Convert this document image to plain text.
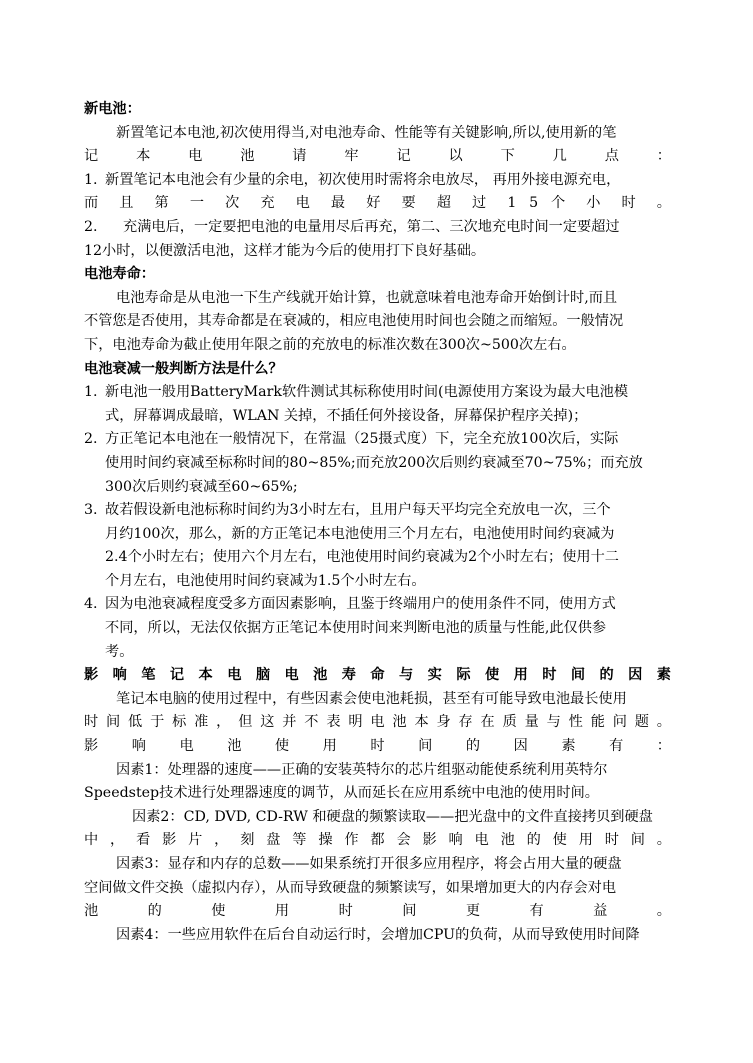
新电池：
新置笔记本电池,初次使用得当,对电池寿命、性能等有关键影响,所以,使用新的笔
记 本 电 池 请 牢 记 以 下 几 点 ：
1. 新置笔记本电池会有少量的余电，初次使用时需将余电放尽， 再用外接电源充电，
而 且 第 一 次 充 电 最 好 要 超 过 1 5 个 小 时 。
2. 充满电后，一定要把电池的电量用尽后再充，第二、三次地充电时间一定要超过
12小时，以便激活电池，这样才能为今后的使用打下良好基础。
电池寿命：
电池寿命是从电池一下生产线就开始计算，也就意味着电池寿命开始倒计时,而且
不管您是否使用，其寿命都是在衰减的，相应电池使用时间也会随之而缩短。一般情况
下，电池寿命为截止使用年限之前的充放电的标准次数在300次~500次左右。
电池衰减一般判断方法是什么？
1. 新电池一般用BatteryMark软件测试其标称使用时间(电源使用方案设为最大电池模
式，屏幕调成最暗，WLAN 关掉，不插任何外接设备，屏幕保护程序关掉)；
2. 方正笔记本电池在一般情况下，在常温（25摄式度）下，完全充放100次后，实际
使用时间约衰减至标称时间的80~85%;而充放200次后则约衰减至70~75%；而充放
300次后则约衰减至60~65%;
3. 故若假设新电池标称时间约为3小时左右，且用户每天平均完全充放电一次，三个
月约100次，那么，新的方正笔记本电池使用三个月左右，电池使用时间约衰减为
2.4个小时左右；使用六个月左右，电池使用时间约衰减为2个小时左右；使用十二
个月左右，电池使用时间约衰减为1.5个小时左右。
4. 因为电池衰减程度受多方面因素影响，且鉴于终端用户的使用条件不同，使用方式
不同，所以，无法仅依据方正笔记本使用时间来判断电池的质量与性能,此仅供参
考。
影 响 笔 记 本 电 脑 电 池 寿 命 与 实 际 使 用 时 间 的 因 素
笔记本电脑的使用过程中，有些因素会使电池耗损，甚至有可能导致电池最长使用
时 间 低 于 标 准 ， 但 这 并 不 表 明 电 池 本 身 存 在 质 量 与 性 能 问 题 。
影 响 电 池 使 用 时 间 的 因 素 有 ：
因素1：处理器的速度——正确的安装英特尔的芯片组驱动能使系统利用英特尔
Speedstep技术进行处理器速度的调节，从而延长在应用系统中电池的使用时间。
因素2：CD, DVD, CD-RW 和硬盘的频繁读取——把光盘中的文件直接拷贝到硬盘
中 ， 看 影 片 ， 刻 盘 等 操 作 都 会 影 响 电 池 的 使 用 时 间 。
因素3：显存和内存的总数——如果系统打开很多应用程序，将会占用大量的硬盘
空间做文件交换（虚拟内存），从而导致硬盘的频繁读写，如果增加更大的内存会对电
池 的 使 用 时 间 更 有 益 。
因素4：一些应用软件在后台自动运行时，会增加CPU的负荷，从而导致使用时间降
